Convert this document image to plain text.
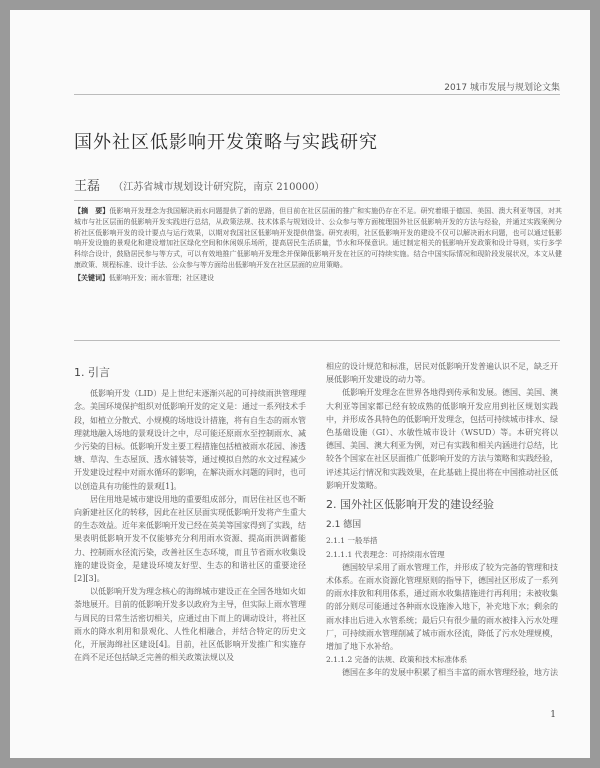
2017 城市发展与规划论文集
国外社区低影响开发策略与实践研究
王磊 （江苏省城市规划设计研究院，南京 210000）
【摘　要】低影响开发理念为我国解决雨水问题提供了新的思路，但目前在社区层面的推广和实施仍存在不足。研究着眼于德国、美国、澳大利亚等国，对其城市与社区层面的低影响开发实践进行总结，从政策法规、技术体系与规划设计、公众参与等方面梳理国外社区低影响开发的方法与经验，并通过实践案例分析社区低影响开发的设计要点与运行效果，以期对我国社区低影响开发提供借鉴。研究表明，社区低影响开发的建设不仅可以解决雨水问题，也可以通过低影响开发设施的景观化和建设增加社区绿化空间和休闲娱乐场所，提高居民生活质量，节水和环保意识。通过制定相关的低影响开发政策和设计导则，实行多学科综合设计，鼓励居民参与等方式，可以有效地推广低影响开发理念并保障低影响开发在社区的可持续实施。结合中国实际情况和现阶段发展状况，本文从健康政策、规程标准、设计手法、公众参与等方面给出低影响开发在社区层面的应用策略。
【关键词】低影响开发；雨水管理；社区建设
1. 引言

低影响开发（LID）是上世纪末逐渐兴起的可持续雨洪管理理念。美国环境保护组织对低影响开发的定义是：通过一系列技术手段，如植立分散式、小规模的场地设计措施，将有自生态的雨水管理就地融入场地的景观设计之中，尽可能还原雨水至控制雨水、减少污染的目标。低影响开发主要工程措施包括植被雨水花园、渗透塘、草沟、生态屋顶、透水铺装等，通过模拟自然的水文过程减少开发建设过程中对雨水循环的影响，在解决雨水问题的同时，也可以创造具有功能性的景观[1]。

居住用地是城市建设用地的重要组成部分，而居住社区也不断向新建社区化的转移，因此在社区层面实现低影响开发将产生重大的生态效益。近年来低影响开发已经在英美等国家得到了实践，结果表明低影响开发不仅能够充分利用雨水资源、提高雨洪调蓄能力、控制雨水径流污染，改善社区生态环境，而且节省雨水收集设施的建设资金，是建设环境友好型、生态的和谐社区的重要途径[2][3]。

以低影响开发为理念核心的海绵城市建设正在全国各地如火如荼地展开。目前的低影响开发多以政府为主导，但实际上雨水管理与周民的日常生活密切相关，应通过由下而上的调动设计，将社区雨水的降水利用和景观化、人性化相融合，并结合特定的历史文化，开展海绵社区建设[4]。目前，社区低影响开发推广和实施存在尚不足还包括缺乏完善的相关政策法规以及

相应的设计规范和标准，居民对低影响开发普遍认识不足，缺乏开展低影响开发建设的动力等。

低影响开发理念在世界各地得到传承和发展。德国、美国、澳大利亚等国家都已经有较成熟的低影响开发应用到社区规划实践中，并形成各具特色的低影响开发理念，包括可持续城市排水、绿色基础设施（GI）、水敏性城市设计（WSUD）等。本研究将以德国、美国、澳大利亚为例，对已有实践和相关内涵进行总结，比较各个国家在社区层面推广低影响开发的方法与策略和实践经验，评述其运行情况和实践效果，在此基础上提出将在中国推动社区低影响开发策略。

2. 国外社区低影响开发的建设经验
2.1 德国
2.1.1 一般举措
2.1.1.1 代表理念：可持续雨水管理

德国较早采用了雨水管理工作，并形成了较为完备的管理和技术体系。在雨水资源化管理原则的指导下，德国社区形成了一系列的雨水排放和利用体系，通过雨水收集措施进行再利用；未被收集的部分则尽可能通过各种雨水设施渗入地下，补充地下水；剩余的雨水排出后进入水管系统；最后只有很少量的雨水被排入污水处理厂，可持续雨水管理削减了城市雨水径流，降低了污水处理规模，增加了地下水补给。

2.1.1.2 完备的法规、政策和技术标准体系

德国在多年的发展中积累了相当丰富的雨水管理经验，地方法

1
